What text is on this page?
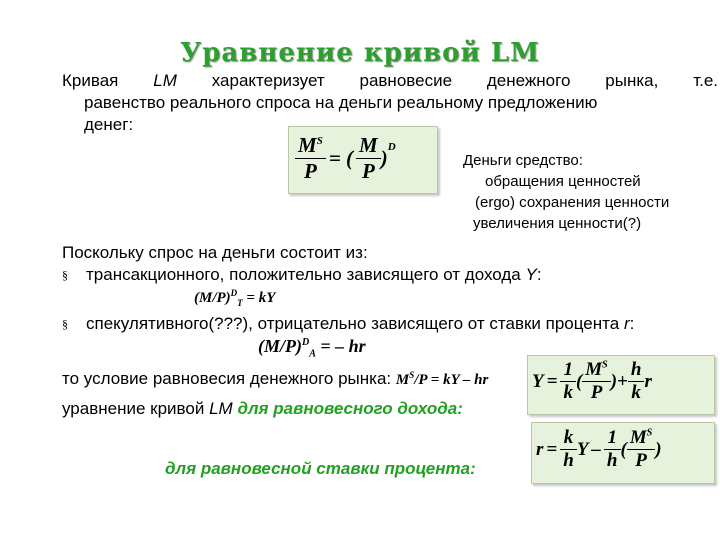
Уравнение кривой LM
Кривая LM характеризует равновесие денежного рынка, т.е.
равенство реального спроса на деньги реальному предложению
денег:
$\frac{M^S}{P}$ = ( $\frac{M}{P} )^D$
Деньги средство:
обращения ценностей
(ergo) сохранения ценности
увеличения ценности(?)
Поскольку спрос на деньги состоит из:
§ трансакционного, положительно зависящего от дохода Y:
$(M/P)^D_T$ = kY
§ спекулятивного(???), отрицательно зависящего от ставки процента r:
$(M/P)^D_A$ = – hr
то условие равновесия денежного рынка: $M^S/P$ = kY – hr
уравнение кривой LM для равновесного дохода:
$Y = \frac{1}{k}$ ( $\frac{M^S}{P}$ )+ $\frac{h}{k}$ r
для равновесной ставки процента:
$r = \frac{k}{h}$ Y – $\frac{1}{h}$ ( $\frac{M^S}{P}$ )
